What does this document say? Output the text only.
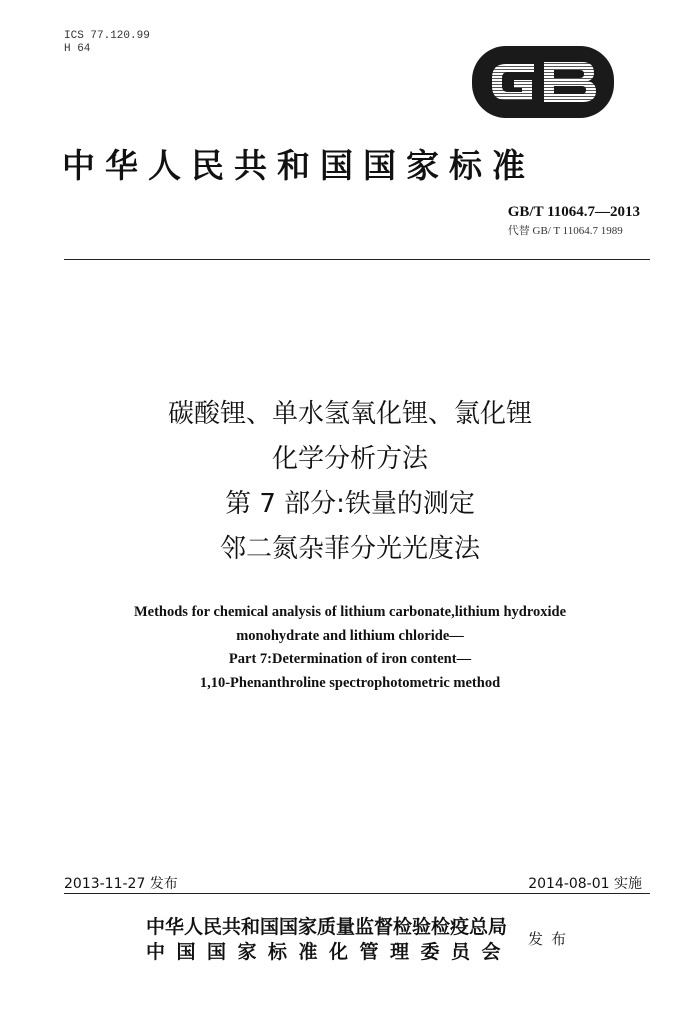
ICS 77.120.99
H 64
中华人民共和国国家标准
GB/T 11064.7—2013
代替 GB/ T 11064.7 1989
碳酸锂、单水氢氧化锂、氯化锂
化学分析方法
第 7 部分:铁量的测定
邻二氮杂菲分光光度法
Methods for chemical analysis of lithium carbonate,lithium hydroxide
monohydrate and lithium chloride—
Part 7:Determination of iron content—
1,10-Phenanthroline spectrophotometric method
2013-11-27 发布	2014-08-01 实施
中华人民共和国国家质量监督检验检疫总局
中国国家标准化管理委员会
发布
